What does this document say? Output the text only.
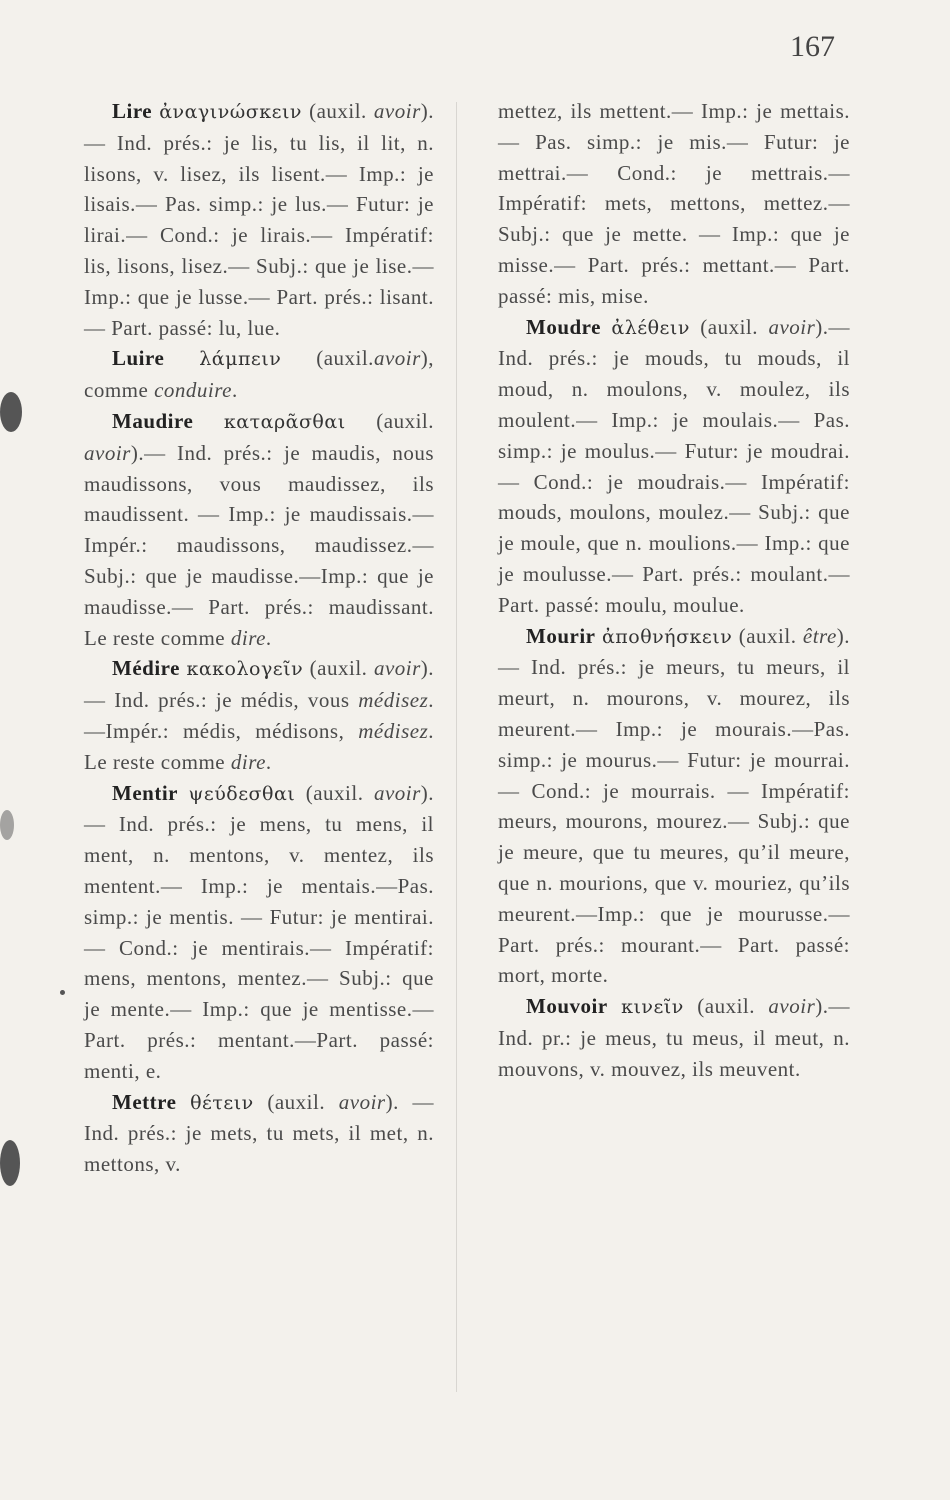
167
Lire ἀναγινώσκειν (auxil. avoir).— Ind. prés.: je lis, tu lis, il lit, n. lisons, v. lisez, ils lisent.— Imp.: je lisais.— Pas. simp.: je lus.— Futur: je lirai.— Cond.: je lirais.— Impératif: lis, lisons, lisez.— Subj.: que je lise.— Imp.: que je lusse.— Part. prés.: lisant.— Part. passé: lu, lue.
Luire λάμπειν (auxil.avoir), comme conduire.
Maudire καταρᾶσθαι (auxil. avoir).— Ind. prés.: je maudis, nous maudissons, vous maudissez, ils maudissent. — Imp.: je maudissais.— Impér.: maudissons, maudissez.— Subj.: que je maudisse.—Imp.: que je maudisse.— Part. prés.: maudissant. Le reste comme dire.
Médire κακολογεῖν (auxil. avoir).— Ind. prés.: je médis, vous médisez. —Impér.: médis, médisons, médisez. Le reste comme dire.
Mentir ψεύδεσθαι (auxil. avoir). — Ind. prés.: je mens, tu mens, il ment, n. mentons, v. mentez, ils mentent.— Imp.: je mentais.—Pas. simp.: je mentis. — Futur: je mentirai. — Cond.: je mentirais.— Impératif: mens, mentons, mentez.— Subj.: que je mente.— Imp.: que je mentisse.— Part. prés.: mentant.—Part. passé: menti, e.
Mettre θέτειν (auxil. avoir). —Ind. prés.: je mets, tu mets, il met, n. mettons, v.
mettez, ils mettent.— Imp.: je mettais.— Pas. simp.: je mis.— Futur: je mettrai.— Cond.: je mettrais.— Impératif: mets, mettons, mettez.— Subj.: que je mette. — Imp.: que je misse.— Part. prés.: mettant.— Part. passé: mis, mise.
Moudre ἀλέθειν (auxil. avoir).— Ind. prés.: je mouds, tu mouds, il moud, n. moulons, v. moulez, ils moulent.— Imp.: je moulais.— Pas. simp.: je moulus.— Futur: je moudrai.— Cond.: je moudrais.— Impératif: mouds, moulons, moulez.— Subj.: que je moule, que n. moulions.— Imp.: que je moulusse.— Part. prés.: moulant.— Part. passé: moulu, moulue.
Mourir ἀποθνήσκειν (auxil. être).— Ind. prés.: je meurs, tu meurs, il meurt, n. mourons, v. mourez, ils meurent.— Imp.: je mourais.—Pas. simp.: je mourus.— Futur: je mourrai.— Cond.: je mourrais. — Impératif: meurs, mourons, mourez.— Subj.: que je meure, que tu meures, qu’il meure, que n. mourions, que v. mouriez, qu’ils meurent.—Imp.: que je mourusse.—Part. prés.: mourant.— Part. passé: mort, morte.
Mouvoir κινεῖν (auxil. avoir).—Ind. pr.: je meus, tu meus, il meut, n. mouvons, v. mouvez, ils meuvent.
